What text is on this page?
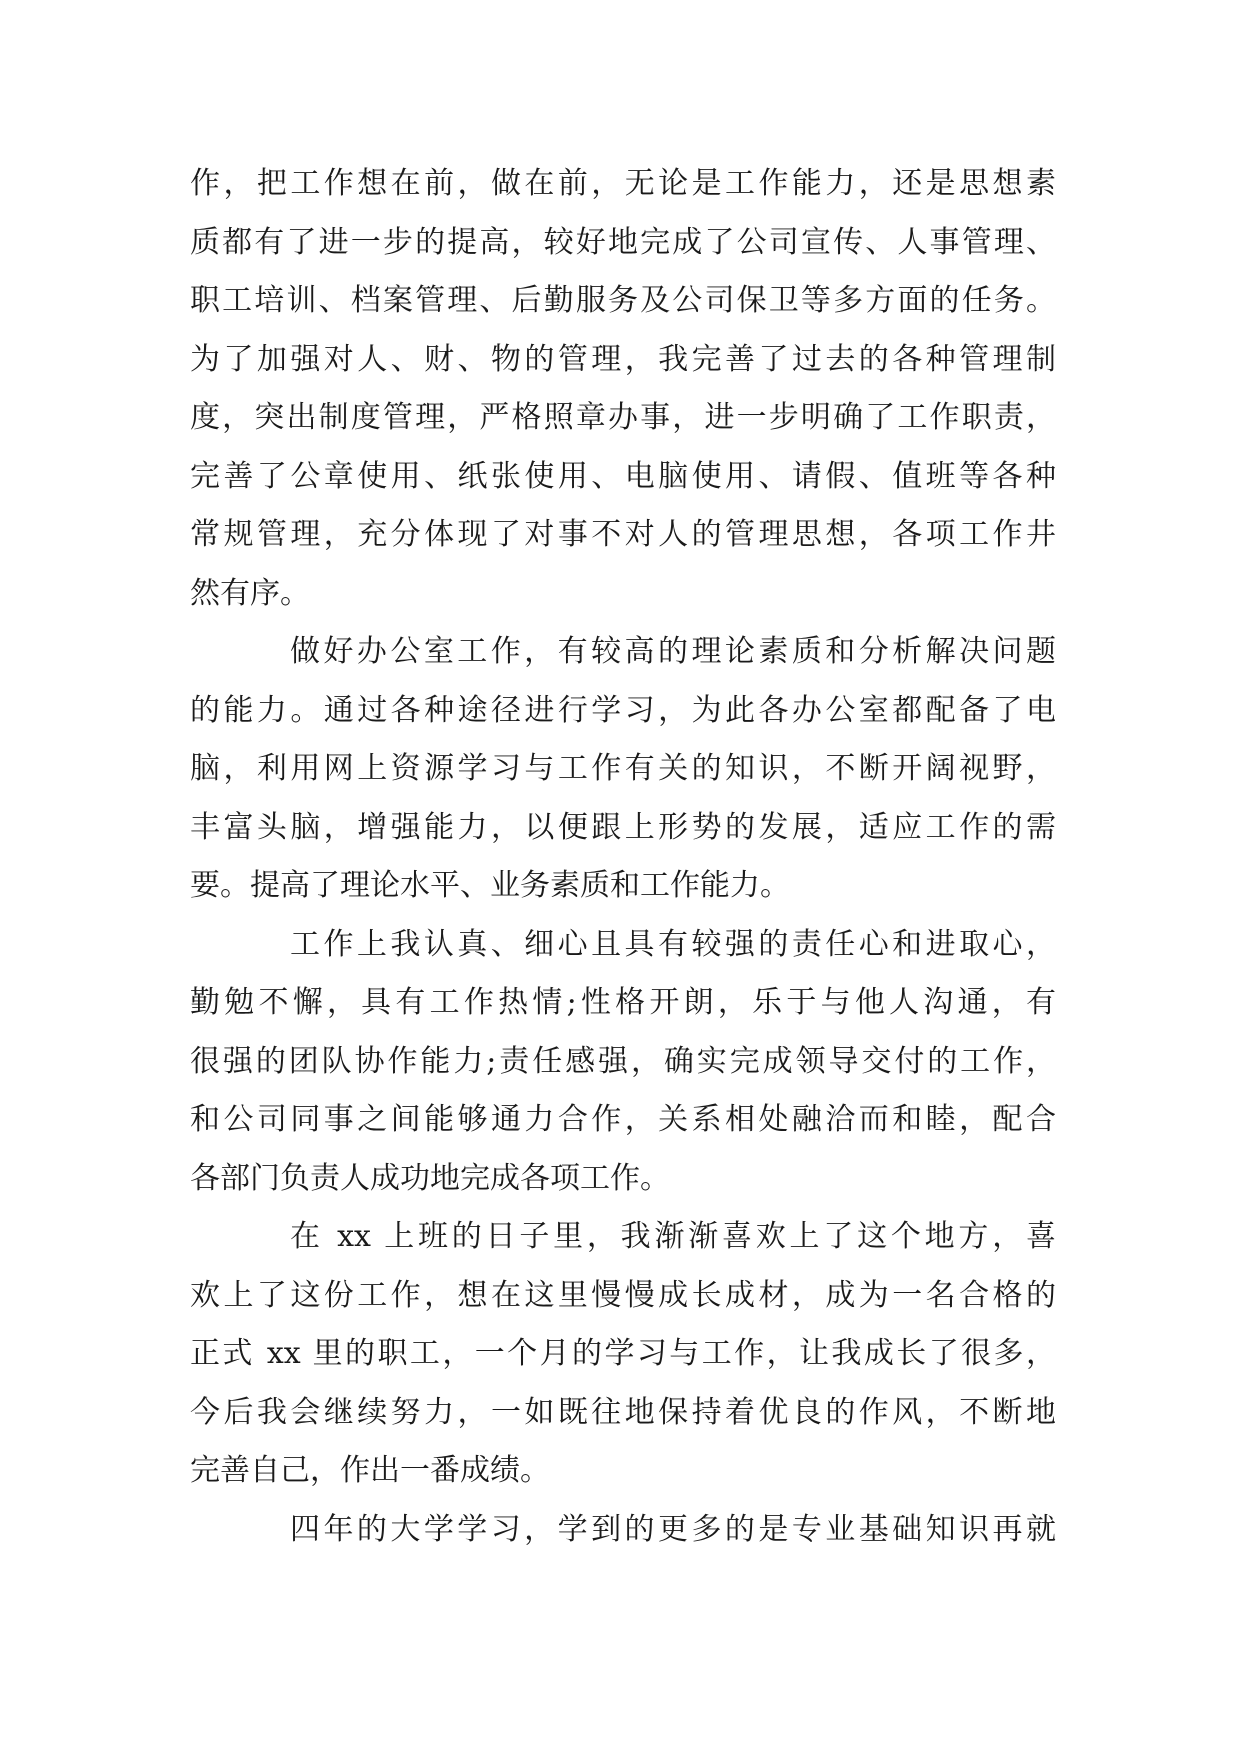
作，把工作想在前，做在前，无论是工作能力，还是思想素
质都有了进一步的提高，较好地完成了公司宣传、人事管理、
职工培训、档案管理、后勤服务及公司保卫等多方面的任务。
为了加强对人、财、物的管理，我完善了过去的各种管理制
度，突出制度管理，严格照章办事，进一步明确了工作职责，
完善了公章使用、纸张使用、电脑使用、请假、值班等各种
常规管理，充分体现了对事不对人的管理思想，各项工作井
然有序。
做好办公室工作，有较高的理论素质和分析解决问题
的能力。通过各种途径进行学习，为此各办公室都配备了电
脑，利用网上资源学习与工作有关的知识，不断开阔视野，
丰富头脑，增强能力，以便跟上形势的发展，适应工作的需
要。提高了理论水平、业务素质和工作能力。
工作上我认真、细心且具有较强的责任心和进取心，
勤勉不懈，具有工作热情;性格开朗，乐于与他人沟通，有
很强的团队协作能力;责任感强，确实完成领导交付的工作，
和公司同事之间能够通力合作，关系相处融洽而和睦，配合
各部门负责人成功地完成各项工作。
在 xx 上班的日子里，我渐渐喜欢上了这个地方，喜
欢上了这份工作，想在这里慢慢成长成材，成为一名合格的
正式 xx 里的职工，一个月的学习与工作，让我成长了很多，
今后我会继续努力，一如既往地保持着优良的作风，不断地
完善自己，作出一番成绩。
四年的大学学习，学到的更多的是专业基础知识再就
